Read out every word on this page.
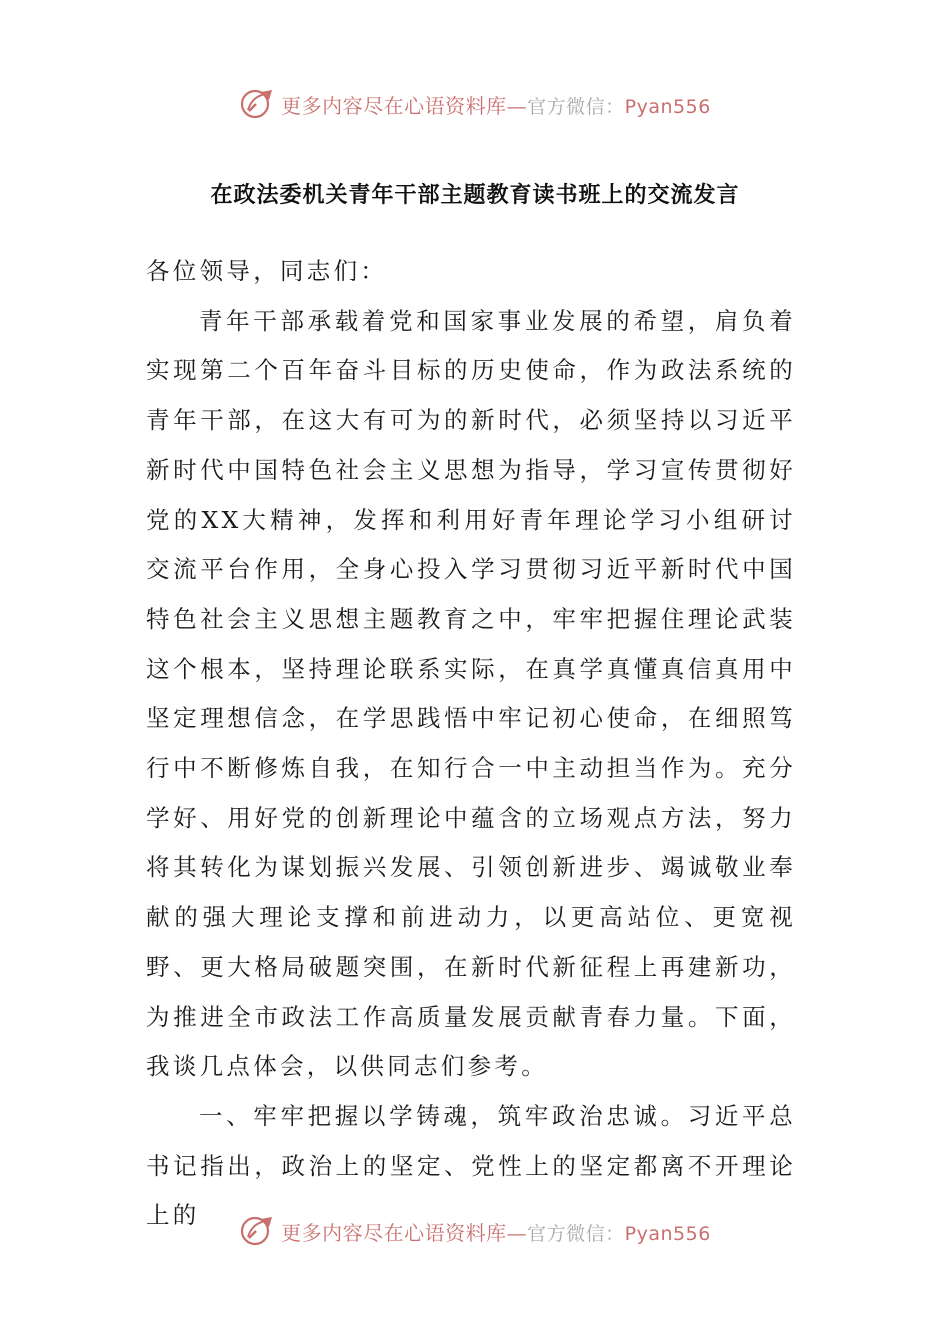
更多内容尽在心语资料库—官方微信：Pyan556
在政法委机关青年干部主题教育读书班上的交流发言

各位领导，同志们：

青年干部承载着党和国家事业发展的希望，肩负着实现第二个百年奋斗目标的历史使命，作为政法系统的青年干部，在这大有可为的新时代，必须坚持以习近平新时代中国特色社会主义思想为指导，学习宣传贯彻好党的XX大精神，发挥和利用好青年理论学习小组研讨交流平台作用，全身心投入学习贯彻习近平新时代中国特色社会主义思想主题教育之中，牢牢把握住理论武装这个根本，坚持理论联系实际，在真学真懂真信真用中坚定理想信念，在学思践悟中牢记初心使命，在细照笃行中不断修炼自我，在知行合一中主动担当作为。充分学好、用好党的创新理论中蕴含的立场观点方法，努力将其转化为谋划振兴发展、引领创新进步、竭诚敬业奉献的强大理论支撑和前进动力，以更高站位、更宽视野、更大格局破题突围，在新时代新征程上再建新功，为推进全市政法工作高质量发展贡献青春力量。下面，我谈几点体会，以供同志们参考。

一、牢牢把握以学铸魂，筑牢政治忠诚。习近平总书记指出，政治上的坚定、党性上的坚定都离不开理论上的

更多内容尽在心语资料库—官方微信：Pyan556
